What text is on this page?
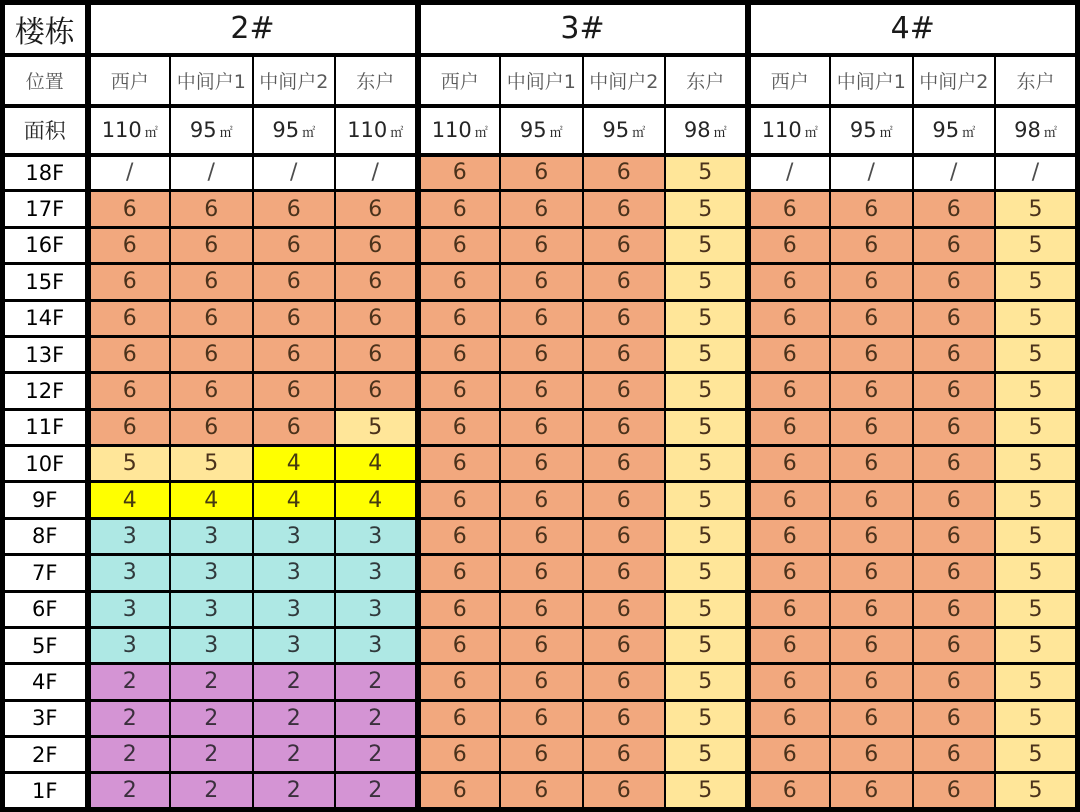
楼栋	2#				3#				4#			
位置	西户	中间户1	中间户2	东户	西户	中间户1	中间户2	东户	西户	中间户1	中间户2	东户
面积	110 ㎡	95 ㎡	95 ㎡	110 ㎡	110 ㎡	95 ㎡	95 ㎡	98 ㎡	110 ㎡	95 ㎡	95 ㎡	98 ㎡
18F	/	/	/	/	6	6	6	5	/	/	/	/
17F	6	6	6	6	6	6	6	5	6	6	6	5
16F	6	6	6	6	6	6	6	5	6	6	6	5
15F	6	6	6	6	6	6	6	5	6	6	6	5
14F	6	6	6	6	6	6	6	5	6	6	6	5
13F	6	6	6	6	6	6	6	5	6	6	6	5
12F	6	6	6	6	6	6	6	5	6	6	6	5
11F	6	6	6	5	6	6	6	5	6	6	6	5
10F	5	5	4	4	6	6	6	5	6	6	6	5
9F	4	4	4	4	6	6	6	5	6	6	6	5
8F	3	3	3	3	6	6	6	5	6	6	6	5
7F	3	3	3	3	6	6	6	5	6	6	6	5
6F	3	3	3	3	6	6	6	5	6	6	6	5
5F	3	3	3	3	6	6	6	5	6	6	6	5
4F	2	2	2	2	6	6	6	5	6	6	6	5
3F	2	2	2	2	6	6	6	5	6	6	6	5
2F	2	2	2	2	6	6	6	5	6	6	6	5
1F	2	2	2	2	6	6	6	5	6	6	6	5
